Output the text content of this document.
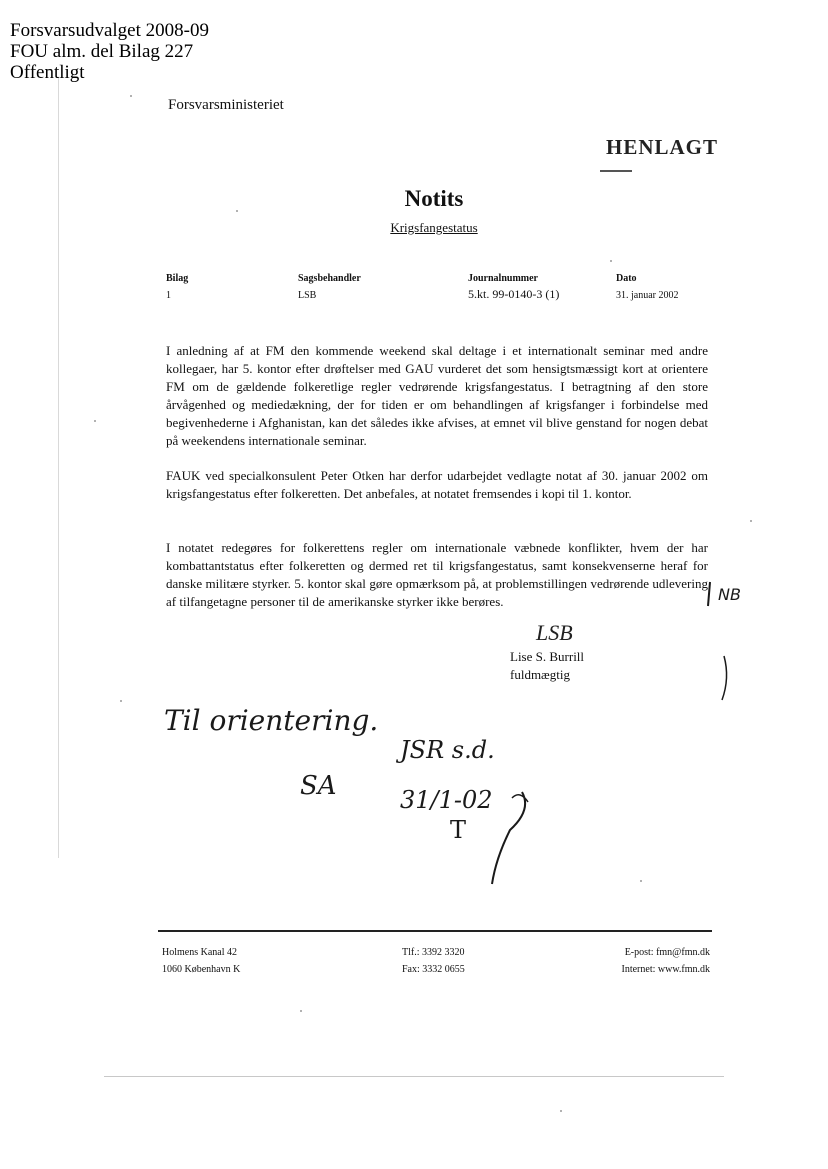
Forsvarsudvalget 2008-09
FOU alm. del Bilag 227
Offentligt
Forsvarsministeriet
HENLAGT
Notits
Krigsfangestatus
Bilag
1
Sagsbehandler
LSB
Journalnummer
5.kt. 99-0140-3 (1)
Dato
31. januar 2002
I anledning af at FM den kommende weekend skal deltage i et internationalt seminar med andre kollegaer, har 5. kontor efter drøftelser med GAU vurderet det som hensigtsmæssigt kort at orientere FM om de gældende folkeretlige regler vedrørende krigsfangestatus. I betragtning af den store årvågenhed og mediedækning, der for tiden er om behandlingen af krigsfanger i forbindelse med begivenhederne i Afghanistan, kan det således ikke afvises, at emnet vil blive genstand for nogen debat på weekendens internationale seminar.
FAUK ved specialkonsulent Peter Otken har derfor udarbejdet vedlagte notat af 30. januar 2002 om krigsfangestatus efter folkeretten. Det anbefales, at notatet fremsendes i kopi til 1. kontor.
I notatet redegøres for folkerettens regler om internationale væbnede konflikter, hvem der har kombattantstatus efter folkeretten og dermed ret til krigsfangestatus, samt konsekvenserne heraf for danske militære styrker. 5. kontor skal gøre opmærksom på, at problemstillingen vedrørende udlevering af tilfangetagne personer til de amerikanske styrker ikke berøres.
LSB
Lise S. Burrill
fuldmægtig
NB
Til orientering.
JSR s.d.
SA	31/1-02
T
Holmens Kanal 42
1060 København K
Tlf.: 3392 3320
Fax: 3332 0655
E-post: fmn@fmn.dk
Internet: www.fmn.dk
